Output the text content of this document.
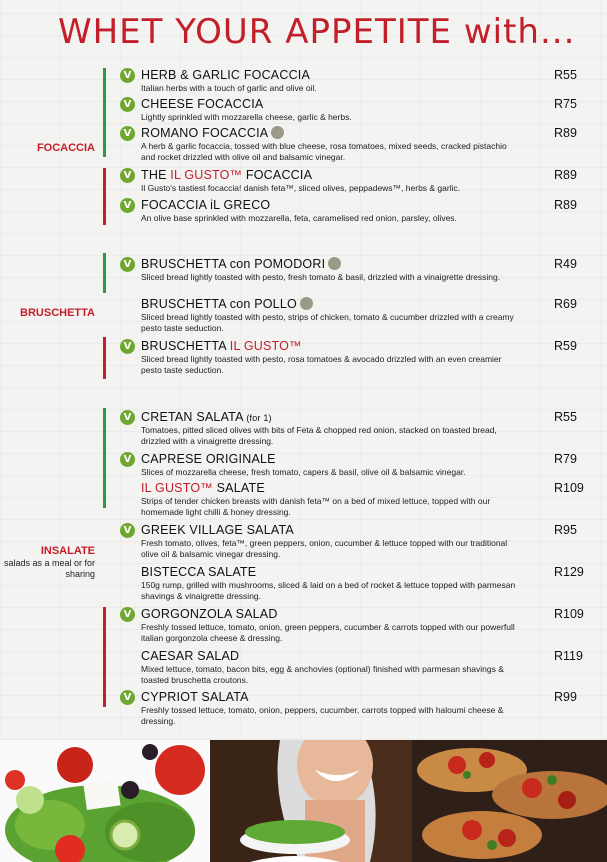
WHET YOUR APPETITE with...
FOCACCIA
V HERB & GARLIC FOCACCIA	R55
Italian herbs with a touch of garlic and olive oil.
V CHEESE FOCACCIA	R75
Lightly sprinkled with mozzarella cheese, garlic & herbs.
V ROMANO FOCACCIA	R89
A herb & garlic focaccia, tossed with blue cheese, rosa tomatoes, mixed seeds, cracked pistachio and rocket drizzled with olive oil and balsamic vinegar.
V THE IL GUSTO™ FOCACCIA	R89
Il Gusto's tastiest focaccia! danish feta™, sliced olives, peppadews™, herbs & garlic.
V FOCACCIA iL GRECO	R89
An olive base sprinkled with mozzarella, feta, caramelised red onion, parsley, olives.
BRUSCHETTA
V BRUSCHETTA con POMODORI	R49
Sliced bread lightly toasted with pesto, fresh tomato & basil, drizzled with a vinaigrette dressing.
BRUSCHETTA con POLLO	R69
Sliced bread lightly toasted with pesto, strips of chicken, tomato & cucumber drizzled with a creamy pesto taste seduction.
V BRUSCHETTA IL GUSTO™	R59
Sliced bread lightly toasted with pesto, rosa tomatoes & avocado drizzled with an even creamier pesto taste seduction.
INSALATE
salads as a meal or for sharing
V CRETAN SALATA (for 1)	R55
Tomatoes, pitted sliced olives with bits of Feta & chopped red onion, stacked on toasted bread, drizzled with a vinaigrette dressing.
V CAPRESE ORIGINALE	R79
Slices of mozzarella cheese, fresh tomato, capers & basil, olive oil & balsamic vinegar.
IL GUSTO™ SALATE	R109
Strips of tender chicken breasts with danish feta™ on a bed of mixed lettuce, topped with our homemade light chilli & honey dressing.
V GREEK VILLAGE SALATA	R95
Fresh tomato, olives, feta™, green peppers, onion, cucumber & lettuce topped with our traditional olive oil & balsamic vinegar dressing.
BISTECCA SALATE	R129
150g rump, grilled with mushrooms, sliced & laid on a bed of rocket & lettuce topped with parmesan shavings & vinaigrette dressing.
V GORGONZOLA SALAD	R109
Freshly tossed lettuce, tomato, onion, green peppers, cucumber & carrots topped with our powerfull italian gorgonzola cheese & dressing.
CAESAR SALAD	R119
Mixed lettuce, tomato, bacon bits, egg & anchovies (optional) finished with parmesan shavings & toasted bruschetta croutons.
V CYPRIOT SALATA	R99
Freshly tossed lettuce, tomato, onion, peppers, cucumber, carrots topped with haloumi cheese & dressing.
